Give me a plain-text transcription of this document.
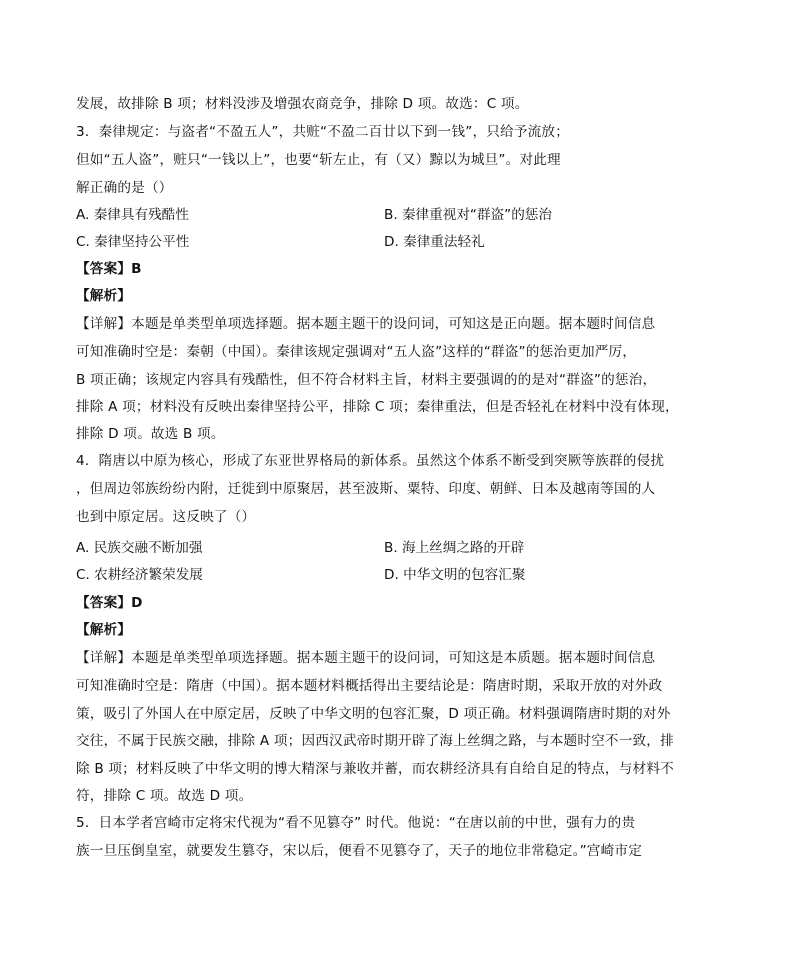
发展，故排除 B 项；材料没涉及增强农商竞争，排除 D 项。故选：C 项。
3．秦律规定：与盗者“不盈五人”，共赃“不盈二百廿以下到一钱”，只给予流放；
但如“五人盗”，赃只“一钱以上”，也要“斩左止，有（又）黥以为城旦”。对此理
解正确的是（）
A. 秦律具有残酷性	B. 秦律重视对“群盗”的惩治
C. 秦律坚持公平性	D. 秦律重法轻礼
【答案】B
【解析】
【详解】本题是单类型单项选择题。据本题主题干的设问词，可知这是正向题。据本题时间信息
可知准确时空是：秦朝（中国）。秦律该规定强调对“五人盗”这样的“群盗”的惩治更加严厉，
B 项正确；该规定内容具有残酷性，但不符合材料主旨，材料主要强调的的是对“群盗”的惩治，
排除 A 项；材料没有反映出秦律坚持公平，排除 C 项；秦律重法，但是否轻礼在材料中没有体现，
排除 D 项。故选 B 项。
4．隋唐以中原为核心，形成了东亚世界格局的新体系。虽然这个体系不断受到突厥等族群的侵扰
，但周边邻族纷纷内附，迁徙到中原聚居，甚至波斯、粟特、印度、朝鲜、日本及越南等国的人
也到中原定居。这反映了（）
A. 民族交融不断加强	B. 海上丝绸之路的开辟
C. 农耕经济繁荣发展	D. 中华文明的包容汇聚
【答案】D
【解析】
【详解】本题是单类型单项选择题。据本题主题干的设问词，可知这是本质题。据本题时间信息
可知准确时空是：隋唐（中国）。据本题材料概括得出主要结论是：隋唐时期，采取开放的对外政
策，吸引了外国人在中原定居，反映了中华文明的包容汇聚，D 项正确。材料强调隋唐时期的对外
交往，不属于民族交融，排除 A 项；因西汉武帝时期开辟了海上丝绸之路，与本题时空不一致，排
除 B 项；材料反映了中华文明的博大精深与兼收并蓄，而农耕经济具有自给自足的特点，与材料不
符，排除 C 项。故选 D 项。
5．日本学者宫崎市定将宋代视为“看不见篡夺” 时代。他说：“在唐以前的中世，强有力的贵
族一旦压倒皇室，就要发生篡夺，宋以后，便看不见篡夺了，天子的地位非常稳定。”宫崎市定
